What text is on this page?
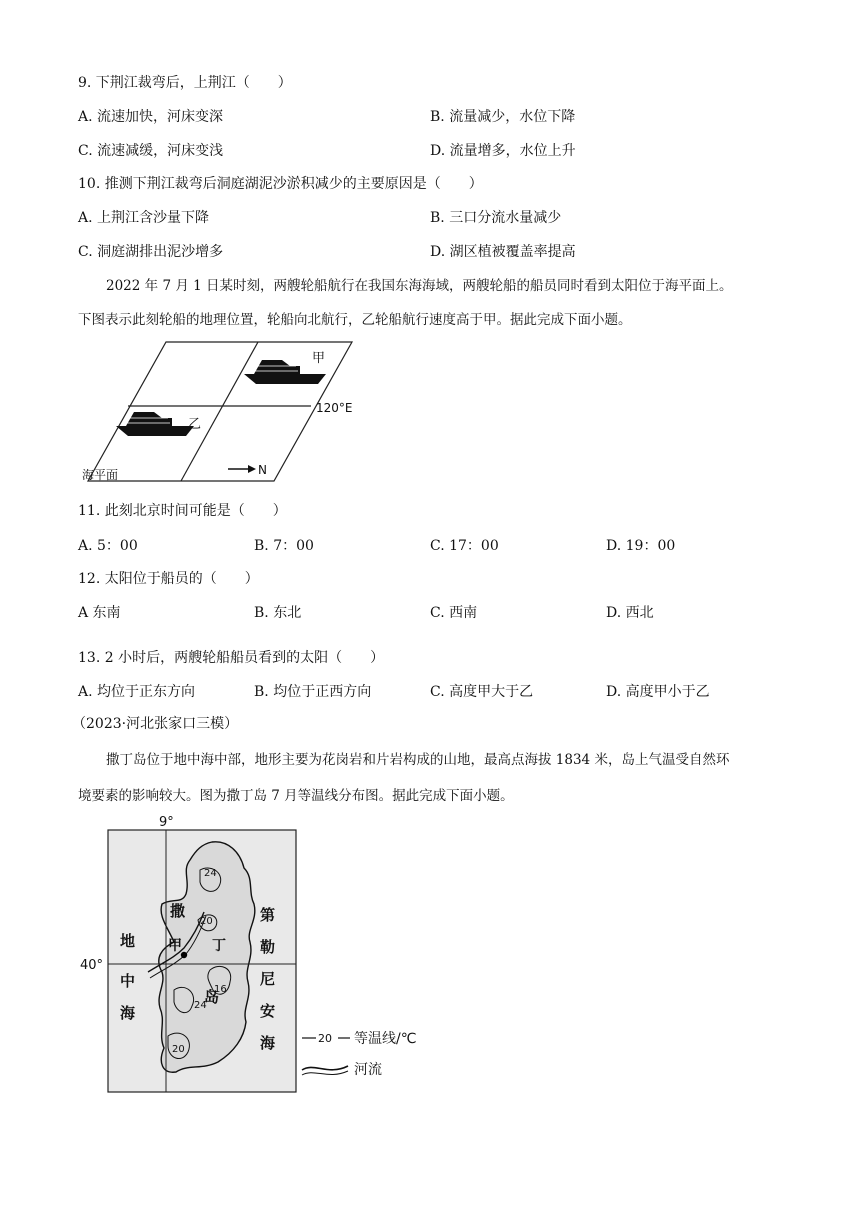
9. 下荆江裁弯后，上荆江（　　）
A. 流速加快，河床变深	B. 流量减少，水位下降
C. 流速减缓，河床变浅	D. 流量增多，水位上升
10. 推测下荆江裁弯后洞庭湖泥沙淤积减少的主要原因是（　　）
A. 上荆江含沙量下降	B. 三口分流水量减少
C. 洞庭湖排出泥沙增多	D. 湖区植被覆盖率提高
2022 年 7 月 1 日某时刻，两艘轮船航行在我国东海海域，两艘轮船的船员同时看到太阳位于海平面上。
下图表示此刻轮船的地理位置，轮船向北航行，乙轮船航行速度高于甲。据此完成下面小题。
甲
乙
120°E
海平面	N
11. 此刻北京时间可能是（　　）
A. 5：00	B. 7：00	C. 17：00	D. 19：00
12. 太阳位于船员的（　　）
A 东南	B. 东北	C. 西南	D. 西北
13. 2 小时后，两艘轮船船员看到的太阳（　　）
A. 均位于正东方向	B. 均位于正西方向	C. 高度甲大于乙	D. 高度甲小于乙
（2023·河北张家口三模）
撒丁岛位于地中海中部，地形主要为花岗岩和片岩构成的山地，最高点海拔 1834 米，岛上气温受自然环
境要素的影响较大。图为撒丁岛 7 月等温线分布图。据此完成下面小题。
9°
40°
地
中
海
第
勒
尼
安
海
撒
岛
甲 丁
24
20
16
24
20
20 等温线/℃
河流
